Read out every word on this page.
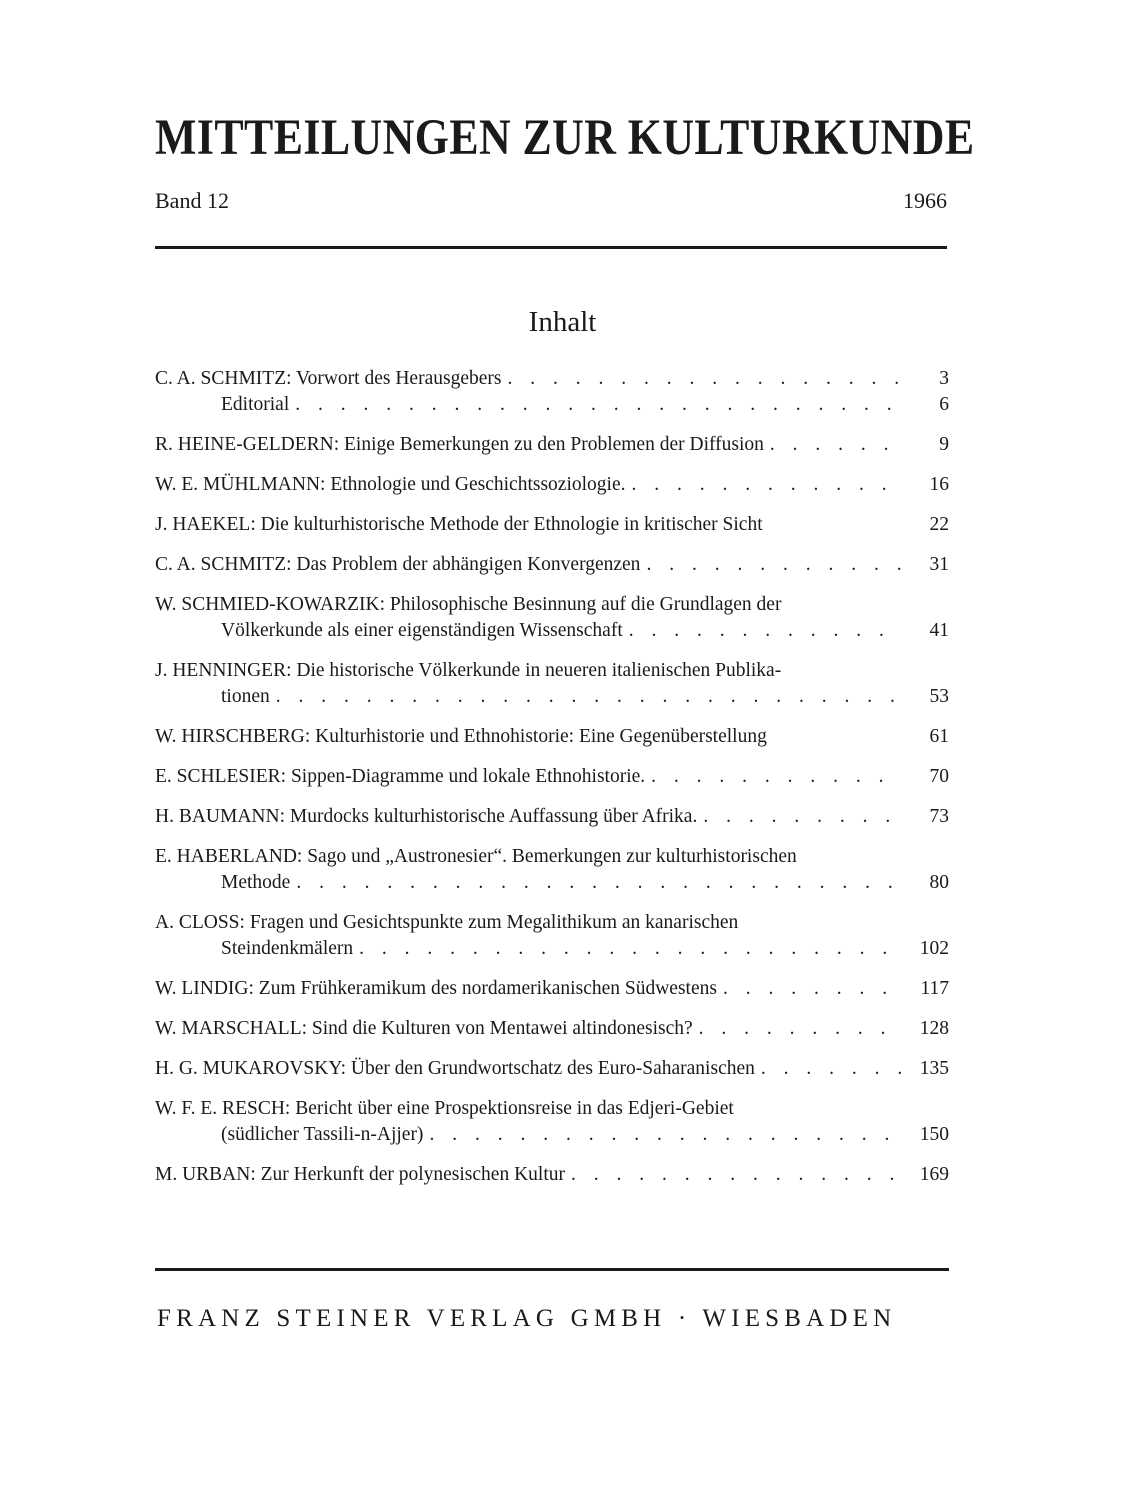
MITTEILUNGEN ZUR KULTURKUNDE
Band 12	1966
Inhalt
C. A. SCHMITZ: Vorwort des Herausgebers . . .	3
Editorial . . .	6
R. HEINE-GELDERN: Einige Bemerkungen zu den Problemen der Diffusion . . .	9
W. E. MÜHLMANN: Ethnologie und Geschichtssoziologie. . . .	16
J. HAEKEL: Die kulturhistorische Methode der Ethnologie in kritischer Sicht	22
C. A. SCHMITZ: Das Problem der abhängigen Konvergenzen . . .	31
W. SCHMIED-KOWARZIK: Philosophische Besinnung auf die Grundlagen der
Völkerkunde als einer eigenständigen Wissenschaft . . .	41
J. HENNINGER: Die historische Völkerkunde in neueren italienischen Publika-
tionen . . .	53
W. HIRSCHBERG: Kulturhistorie und Ethnohistorie: Eine Gegenüberstellung	61
E. SCHLESIER: Sippen-Diagramme und lokale Ethnohistorie. . . .	70
H. BAUMANN: Murdocks kulturhistorische Auffassung über Afrika. . . .	73
E. HABERLAND: Sago und „Austronesier“. Bemerkungen zur kulturhistorischen
Methode . . .	80
A. CLOSS: Fragen und Gesichtspunkte zum Megalithikum an kanarischen
Steindenkmälern . . .	102
W. LINDIG: Zum Frühkeramikum des nordamerikanischen Südwestens . . .	117
W. MARSCHALL: Sind die Kulturen von Mentawei altindonesisch? . . .	128
H. G. MUKAROVSKY: Über den Grundwortschatz des Euro-Saharanischen . . .	135
W. F. E. RESCH: Bericht über eine Prospektionsreise in das Edjeri-Gebiet
(südlicher Tassili-n-Ajjer) . . .	150
M. URBAN: Zur Herkunft der polynesischen Kultur . . .	169
FRANZ STEINER VERLAG GMBH · WIESBADEN
